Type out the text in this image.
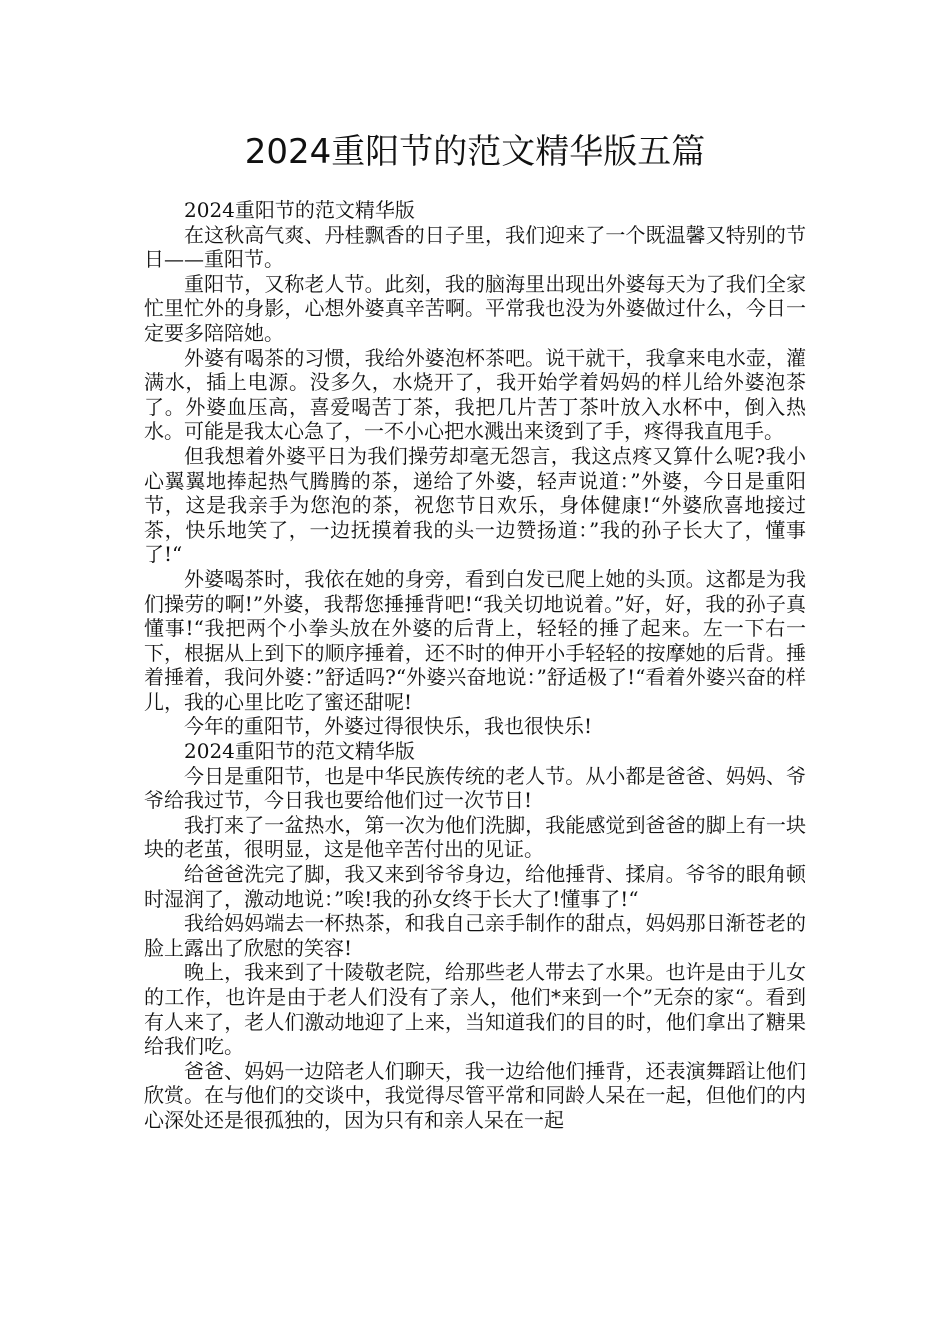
2024重阳节的范文精华版五篇

2024重阳节的范文精华版

在这秋高气爽、丹桂飘香的日子里，我们迎来了一个既温馨又特别的节日——重阳节。

重阳节，又称老人节。此刻，我的脑海里出现出外婆每天为了我们全家忙里忙外的身影，心想外婆真辛苦啊。平常我也没为外婆做过什么，今日一定要多陪陪她。

外婆有喝茶的习惯，我给外婆泡杯茶吧。说干就干，我拿来电水壶，灌满水，插上电源。没多久，水烧开了，我开始学着妈妈的样儿给外婆泡茶了。外婆血压高，喜爱喝苦丁茶，我把几片苦丁茶叶放入水杯中，倒入热水。可能是我太心急了，一不小心把水溅出来烫到了手，疼得我直甩手。

但我想着外婆平日为我们操劳却毫无怨言，我这点疼又算什么呢?我小心翼翼地捧起热气腾腾的茶，递给了外婆，轻声说道：”外婆，今日是重阳节，这是我亲手为您泡的茶，祝您节日欢乐，身体健康!“外婆欣喜地接过茶，快乐地笑了，一边抚摸着我的头一边赞扬道：”我的孙子长大了，懂事了!“

外婆喝茶时，我依在她的身旁，看到白发已爬上她的头顶。这都是为我们操劳的啊!”外婆，我帮您捶捶背吧!“我关切地说着。”好，好，我的孙子真懂事!“我把两个小拳头放在外婆的后背上，轻轻的捶了起来。左一下右一下，根据从上到下的顺序捶着，还不时的伸开小手轻轻的按摩她的后背。捶着捶着，我问外婆：”舒适吗?“外婆兴奋地说：”舒适极了!“看着外婆兴奋的样儿，我的心里比吃了蜜还甜呢!

今年的重阳节，外婆过得很快乐，我也很快乐!

2024重阳节的范文精华版

今日是重阳节，也是中华民族传统的老人节。从小都是爸爸、妈妈、爷爷给我过节，今日我也要给他们过一次节日!

我打来了一盆热水，第一次为他们洗脚，我能感觉到爸爸的脚上有一块块的老茧，很明显，这是他辛苦付出的见证。

给爸爸洗完了脚，我又来到爷爷身边，给他捶背、揉肩。爷爷的眼角顿时湿润了，激动地说：”唉!我的孙女终于长大了!懂事了!“

我给妈妈端去一杯热茶，和我自己亲手制作的甜点，妈妈那日渐苍老的脸上露出了欣慰的笑容!

晚上，我来到了十陵敬老院，给那些老人带去了水果。也许是由于儿女的工作，也许是由于老人们没有了亲人，他们*来到一个”无奈的家“。看到有人来了，老人们激动地迎了上来，当知道我们的目的时，他们拿出了糖果给我们吃。

爸爸、妈妈一边陪老人们聊天，我一边给他们捶背，还表演舞蹈让他们欣赏。在与他们的交谈中，我觉得尽管平常和同龄人呆在一起，但他们的内心深处还是很孤独的，因为只有和亲人呆在一起
